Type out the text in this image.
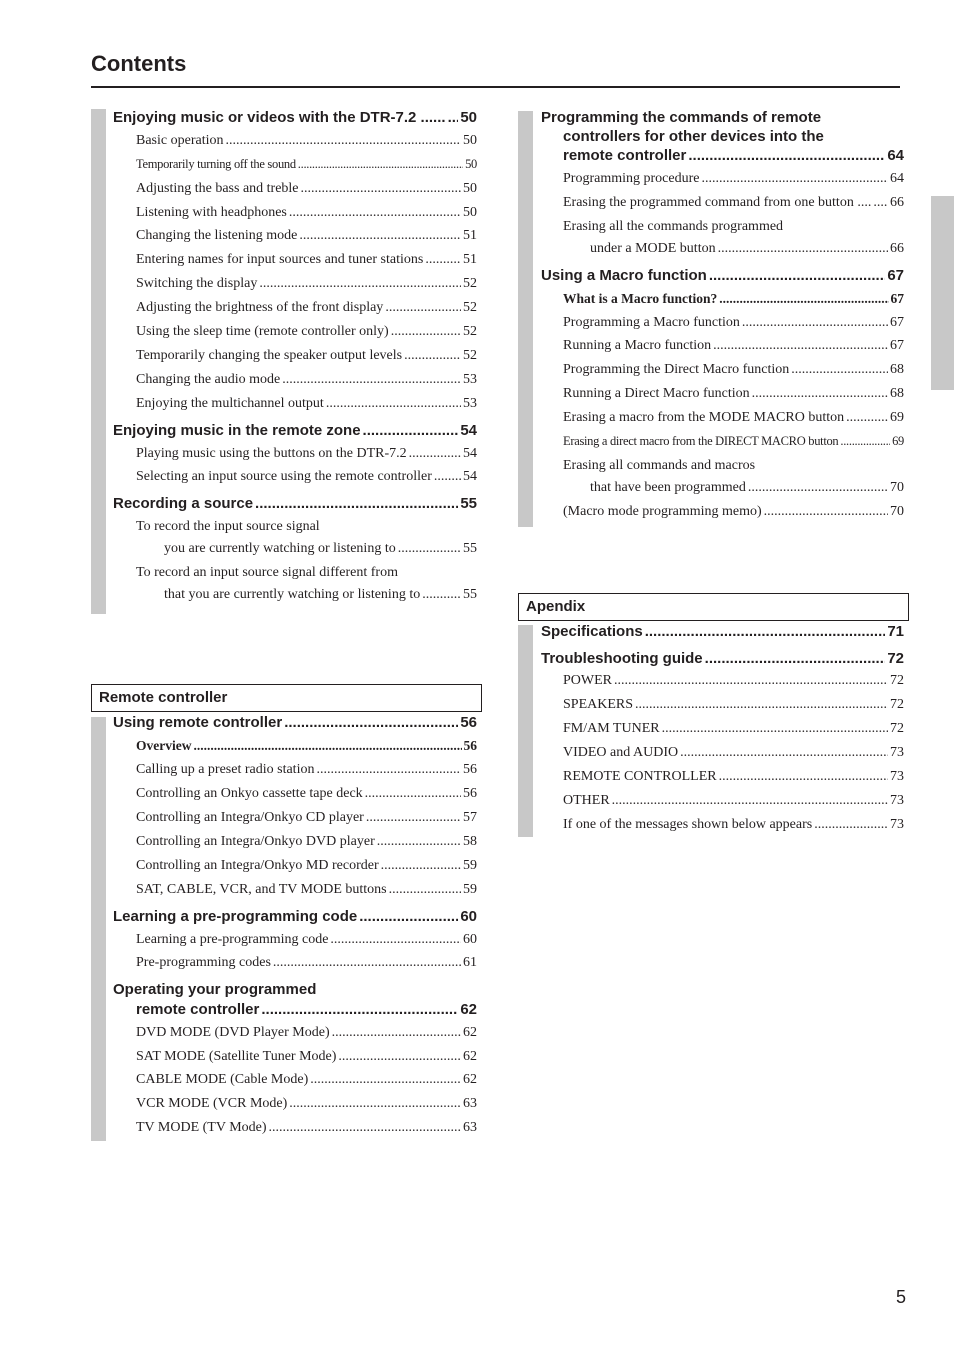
Contents
Enjoying music or videos with the DTR-7.2 ...... ..... 50
Basic operation .....	50
Temporarily turning off the sound .....	50
Adjusting the bass and treble .....	50
Listening with headphones .....	50
Changing the listening mode .....	51
Entering names for input sources and tuner stations .....	51
Switching the display .....	52
Adjusting the brightness of the front display .....	52
Using the sleep time (remote controller only) .....	52
Temporarily changing the speaker output levels .....	52
Changing the audio mode .....	53
Enjoying the multichannel output .....	53
Enjoying music in the remote zone .....	54
Playing music using the buttons on the DTR-7.2 .....	54
Selecting an input source using the remote controller ..... 54
Recording a source .....	55
To record the input source signal
you are currently watching or listening to .....	55
To record an input source signal different from
that you are currently watching or listening to .....	55
Remote controller
Using remote controller .....	56
Overview .....	56
Calling up a preset radio station .....	56
Controlling an Onkyo cassette tape deck .....	56
Controlling an Integra/Onkyo CD player .....	57
Controlling an Integra/Onkyo DVD player .....	58
Controlling an Integra/Onkyo MD recorder .....	59
SAT, CABLE, VCR, and TV MODE buttons .....	59
Learning a pre-programming code .....	60
Learning a pre-programming code .....	60
Pre-programming codes .....	61
Operating your programmed
remote controller .....	62
DVD MODE (DVD Player Mode) .....	62
SAT MODE (Satellite Tuner Mode) .....	62
CABLE MODE (Cable Mode) .....	62
VCR MODE (VCR Mode) .....	63
TV MODE (TV Mode) .....	63
Programming the commands of remote
controllers for other devices into the
remote controller .....	64
Programming procedure .....	64
Erasing the programmed command from one button .... ..... 66
Erasing all the commands programmed
under a MODE button .....	66
Using a Macro function .....	67
What is a Macro function? .....	67
Programming a Macro function .....	67
Running a Macro function .....	67
Programming the Direct Macro function .....	68
Running a Direct Macro function .....	68
Erasing a macro from the MODE MACRO button .....	69
Erasing a direct macro from the DIRECT MACRO button .....	69
Erasing all commands and macros
that have been programmed .....	70
(Macro mode programming memo) .....	70
Apendix
Specifications .....	71
Troubleshooting guide .....	72
POWER .....	72
SPEAKERS .....	72
FM/AM TUNER .....	72
VIDEO and AUDIO .....	73
REMOTE CONTROLLER .....	73
OTHER .....	73
If one of the messages shown below appears .....	73
5
